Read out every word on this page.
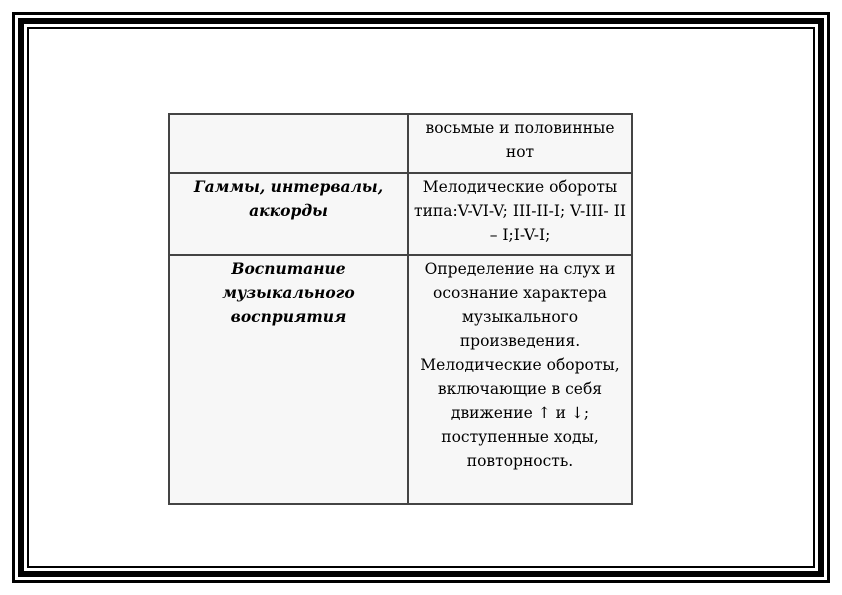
	восьмые и половинные нот
Гаммы, интервалы, аккорды	Мелодические обороты типа:V-VI-V; III-II-I; V-III- II – I;I-V-I;
Воспитание музыкального восприятия	Определение на слух и осознание характера музыкального произведения. Мелодические обороты, включающие в себя движение ↑ и ↓; поступенные ходы, повторность.
